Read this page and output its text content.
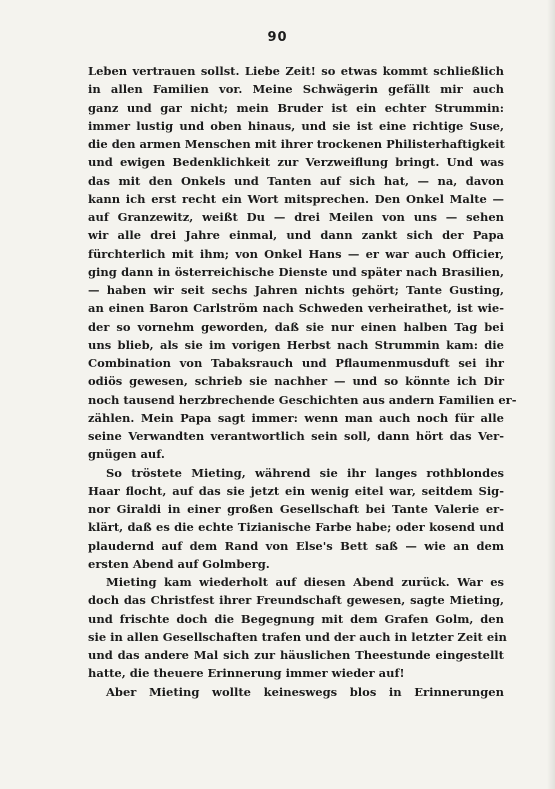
90
Leben vertrauen sollst. Liebe Zeit! so etwas kommt schließlich
in allen Familien vor. Meine Schwägerin gefällt mir auch
ganz und gar nicht; mein Bruder ist ein echter Strummin:
immer lustig und oben hinaus, und sie ist eine richtige Suse,
die den armen Menschen mit ihrer trockenen Philisterhaftigkeit
und ewigen Bedenklichkeit zur Verzweiflung bringt. Und was
das mit den Onkels und Tanten auf sich hat, — na, davon
kann ich erst recht ein Wort mitsprechen. Den Onkel Malte —
auf Granzewitz, weißt Du — drei Meilen von uns — sehen
wir alle drei Jahre einmal, und dann zankt sich der Papa
fürchterlich mit ihm; von Onkel Hans — er war auch Officier,
ging dann in österreichische Dienste und später nach Brasilien,
— haben wir seit sechs Jahren nichts gehört; Tante Gusting,
an einen Baron Carlström nach Schweden verheirathet, ist wie-
der so vornehm geworden, daß sie nur einen halben Tag bei
uns blieb, als sie im vorigen Herbst nach Strummin kam: die
Combination von Tabaksrauch und Pflaumenmusduft sei ihr
odiös gewesen, schrieb sie nachher — und so könnte ich Dir
noch tausend herzbrechende Geschichten aus andern Familien er-
zählen. Mein Papa sagt immer: wenn man auch noch für alle
seine Verwandten verantwortlich sein soll, dann hört das Ver-
gnügen auf.
So tröstete Mieting, während sie ihr langes rothblondes
Haar flocht, auf das sie jetzt ein wenig eitel war, seitdem Sig-
nor Giraldi in einer großen Gesellschaft bei Tante Valerie er-
klärt, daß es die echte Tizianische Farbe habe; oder kosend und
plaudernd auf dem Rand von Else's Bett saß — wie an dem
ersten Abend auf Golmberg.
Mieting kam wiederholt auf diesen Abend zurück. War es
doch das Christfest ihrer Freundschaft gewesen, sagte Mieting,
und frischte doch die Begegnung mit dem Grafen Golm, den
sie in allen Gesellschaften trafen und der auch in letzter Zeit ein
und das andere Mal sich zur häuslichen Theestunde eingestellt
hatte, die theuere Erinnerung immer wieder auf!
Aber Mieting wollte keineswegs blos in Erinnerungen
